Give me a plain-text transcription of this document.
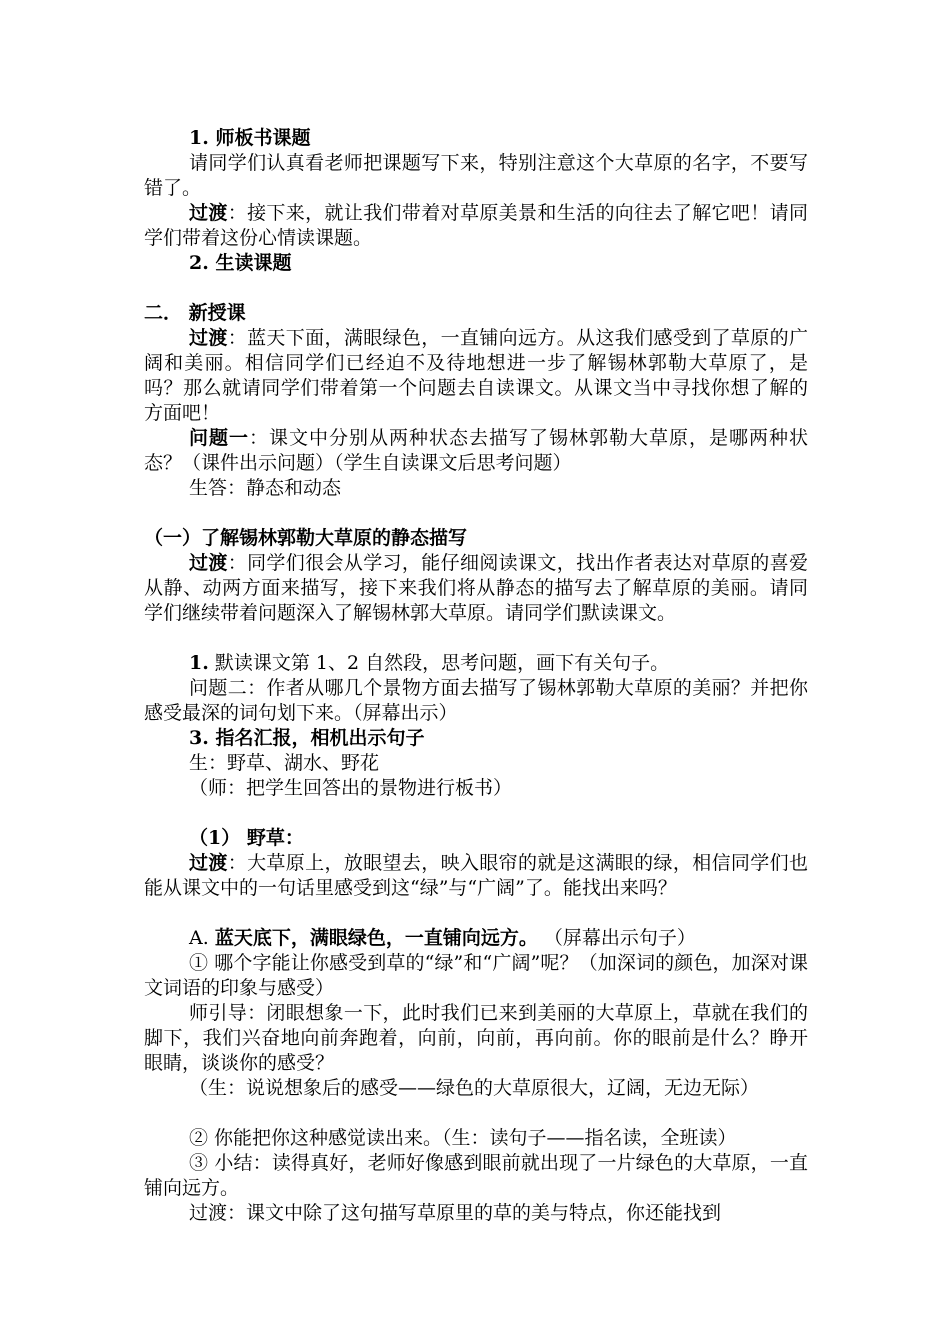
1. 师板书课题

请同学们认真看老师把课题写下来，特别注意这个大草原的名字，不要写错了。

过渡：接下来，就让我们带着对草原美景和生活的向往去了解它吧！请同学们带着这份心情读课题。

2. 生读课题

二． 新授课

过渡：蓝天下面，满眼绿色，一直铺向远方。从这我们感受到了草原的广阔和美丽。相信同学们已经迫不及待地想进一步了解锡林郭勒大草原了，是吗？那么就请同学们带着第一个问题去自读课文。从课文当中寻找你想了解的方面吧！

问题一：课文中分别从两种状态去描写了锡林郭勒大草原，是哪两种状态？（课件出示问题）（学生自读课文后思考问题）

生答：静态和动态

（一）了解锡林郭勒大草原的静态描写

过渡：同学们很会从学习，能仔细阅读课文，找出作者表达对草原的喜爱从静、动两方面来描写，接下来我们将从静态的描写去了解草原的美丽。请同学们继续带着问题深入了解锡林郭大草原。请同学们默读课文。

1. 默读课文第 1、2 自然段，思考问题，画下有关句子。

问题二：作者从哪几个景物方面去描写了锡林郭勒大草原的美丽？并把你感受最深的词句划下来。（屏幕出示）

3. 指名汇报，相机出示句子

生：野草、湖水、野花

（师：把学生回答出的景物进行板书）

（1） 野草：

过渡：大草原上，放眼望去，映入眼帘的就是这满眼的绿，相信同学们也能从课文中的一句话里感受到这“绿”与“广阔”了。能找出来吗？

A. 蓝天底下，满眼绿色，一直铺向远方。 （屏幕出示句子）

① 哪个字能让你感受到草的“绿”和“广阔”呢？（加深词的颜色，加深对课文词语的印象与感受）

师引导：闭眼想象一下，此时我们已来到美丽的大草原上，草就在我们的脚下，我们兴奋地向前奔跑着，向前，向前，再向前。你的眼前是什么？睁开眼睛，谈谈你的感受？

（生：说说想象后的感受——绿色的大草原很大，辽阔，无边无际）

② 你能把你这种感觉读出来。（生：读句子——指名读，全班读）

③ 小结：读得真好，老师好像感到眼前就出现了一片绿色的大草原，一直铺向远方。

过渡：课文中除了这句描写草原里的草的美与特点，你还能找到
